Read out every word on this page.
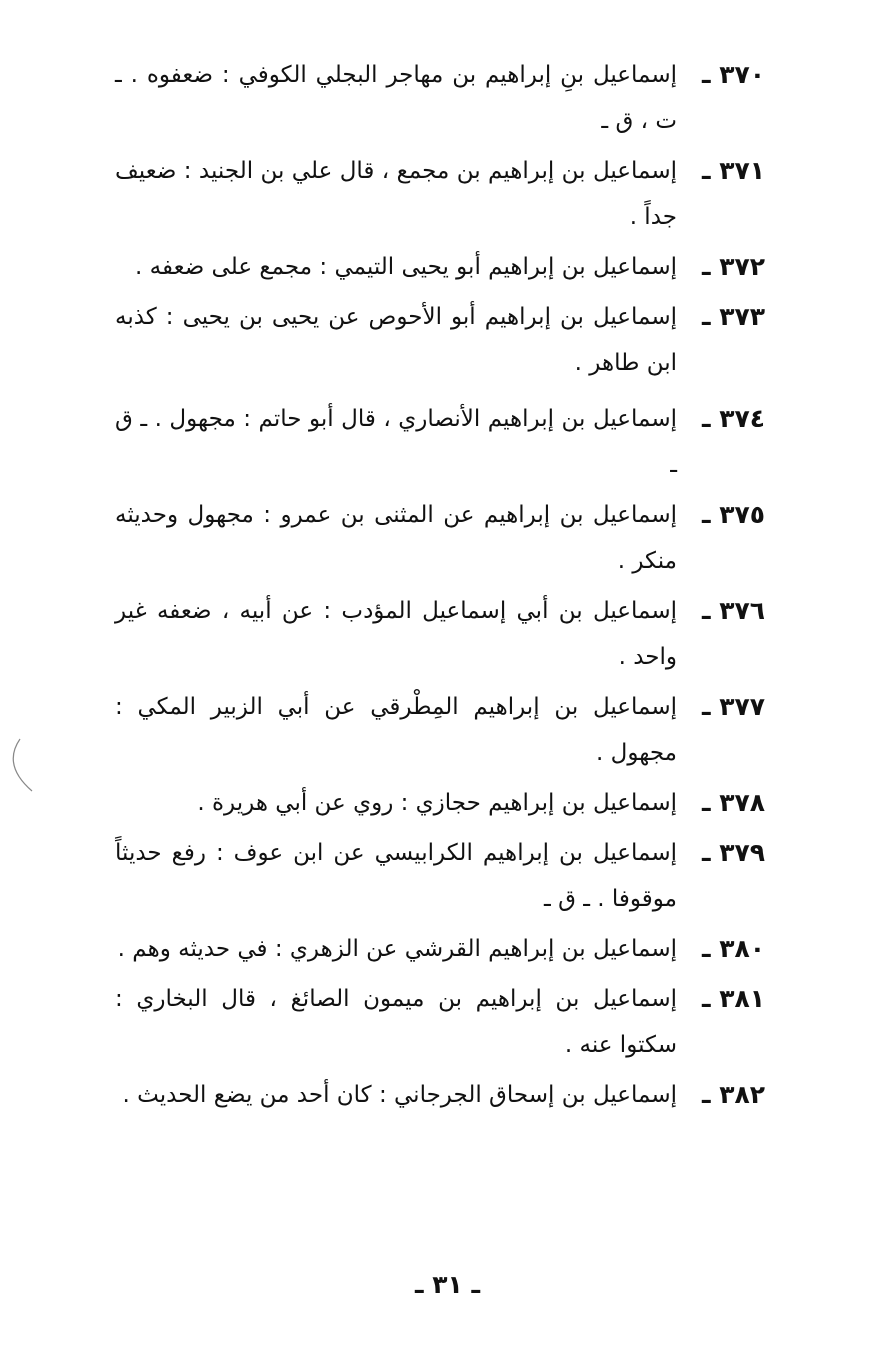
٣٧٠ ـ
إسماعيل بنِ إبراهيم بن مهاجر البجلي الكوفي : ضعفوه . ـ ت ، ق ـ
٣٧١ ـ
إسماعيل بن إبراهيم بن مجمع ، قال علي بن الجنيد : ضعيف جداً .
٣٧٢ ـ
إسماعيل بن إبراهيم أبو يحيى التيمي : مجمع على ضعفه .
٣٧٣ ـ
إسماعيل بن إبراهيم أبو الأحوص عن يحيى بن يحيى : كذبه ابن طاهر .
٣٧٤ ـ
إسماعيل بن إبراهيم الأنصاري ، قال أبو حاتم : مجهول . ـ ق ـ
٣٧٥ ـ
إسماعيل بن إبراهيم عن المثنى بن عمرو : مجهول وحديثه منكر .
٣٧٦ ـ
إسماعيل بن أبي إسماعيل المؤدب : عن أبيه ، ضعفه غير واحد .
٣٧٧ ـ
إسماعيل بن إبراهيم المِطْرقي عن أبي الزبير المكي : مجهول .
٣٧٨ ـ
إسماعيل بن إبراهيم حجازي : روي عن أبي هريرة .
٣٧٩ ـ
إسماعيل بن إبراهيم الكرابيسي عن ابن عوف : رفع حديثاً موقوفا . ـ ق ـ
٣٨٠ ـ
إسماعيل بن إبراهيم القرشي عن الزهري : في حديثه وهم .
٣٨١ ـ
إسماعيل بن إبراهيم بن ميمون الصائغ ، قال البخاري : سكتوا عنه .
٣٨٢ ـ
إسماعيل بن إسحاق الجرجاني : كان أحد من يضع الحديث .
ـ ٣١ ـ
